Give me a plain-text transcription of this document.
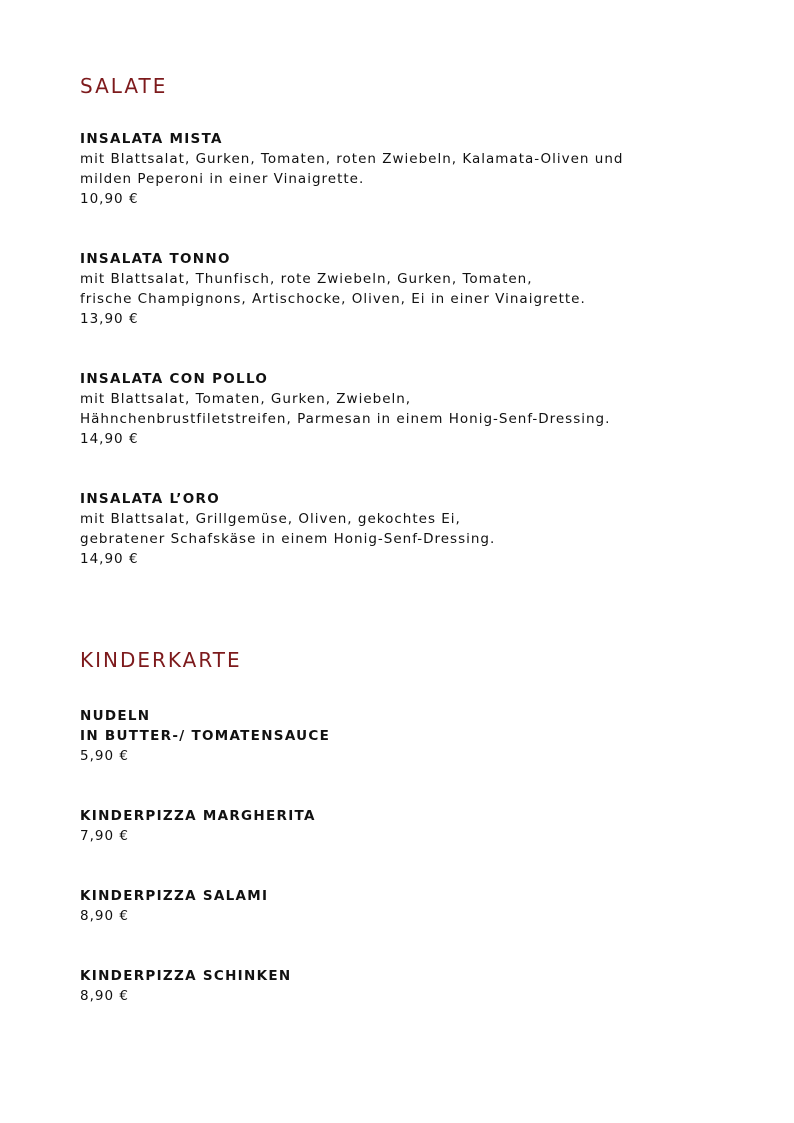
SALATE
INSALATA MISTA
mit Blattsalat, Gurken, Tomaten, roten Zwiebeln, Kalamata-Oliven und
milden Peperoni in einer Vinaigrette.
10,90 €
INSALATA TONNO
mit Blattsalat, Thunfisch, rote Zwiebeln, Gurken, Tomaten,
frische Champignons, Artischocke, Oliven, Ei in einer Vinaigrette.
13,90 €
INSALATA CON POLLO
mit Blattsalat, Tomaten, Gurken, Zwiebeln,
Hähnchenbrustfiletstreifen, Parmesan in einem Honig-Senf-Dressing.
14,90 €
INSALATA L’ORO
mit Blattsalat, Grillgemüse, Oliven, gekochtes Ei,
gebratener Schafskäse in einem Honig-Senf-Dressing.
14,90 €
KINDERKARTE
NUDELN
IN BUTTER-/ TOMATENSAUCE
5,90 €
KINDERPIZZA MARGHERITA
7,90 €
KINDERPIZZA SALAMI
8,90 €
KINDERPIZZA SCHINKEN
8,90 €
